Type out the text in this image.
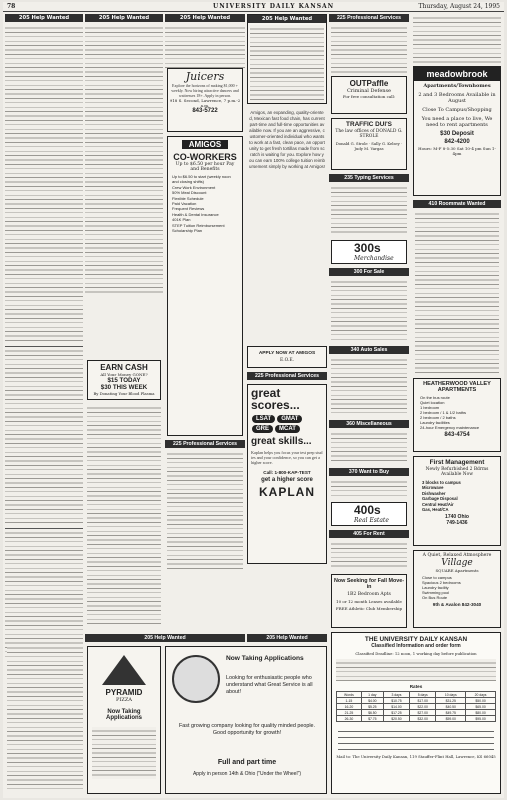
78	UNIVERSITY DAILY KANSAN	Thursday, August 24, 1995
205 Help Wanted	205 Help Wanted
EARN CASH
All Your Money GONE?
$15 TODAY
$30 THIS WEEK
By Donating Your Blood Plasma
205 Help Wanted
Juicers
Explore the horizons of making $1,000 + weekly. Now hiring attractive dancers and waitresses 18+. Apply in person.
918 S. Second, Lawrence, 7 p.m.-2 a.m.
843-5722
AMIGOS
CO-WORKERS
Up to $6.50 per hour Pay and Benefits
Up to $6.50 to start (weekly noon and closing shifts)
Crew Work Environment
50% Meal Discount
Flexible Schedule
Paid Vacation
Frequent Reviews
Health & Dental Insurance
401K Plan
STEP Tuition Reimbursement Scholarship Plan
225 Professional Services
205 Help Wanted
Amigos, an expanding, quality-oriented, Mexican fast food chain, has current part-time and full-time opportunities available now. If you are an aggressive, customer-oriented individual who wants to work at a fast, clean pace, an opportunity to get fresh tortillas made from scratch is waiting for you. Explore how you can earn 100% college tuition reimbursement simply by working at Amigos!
APPLY NOW AT AMIGOS
E.O.E.
225 Professional Services
great scores...
LSAT	GMAT
GRE	MCAT
great skills...
Kaplan helps you focus your test prep studies and your confidence, so you can get a higher score.
Call: 1-800-KAP-TEST
get a higher score
KAPLAN
225 Professional Services
OUTPaffle
Criminal Defense
For free consultation call:
TRAFFIC DUI'S
The law offices of DONALD G. STROLE
Donald G. Strole · Sally G. Kelsey · Judy M. Vargas
235 Typing Services
300s
Merchandise
300 For Sale
340 Auto Sales
360 Miscellaneous
370 Want to Buy
400s
Real Estate
405 For Rent
Now Seeking for Fall Move-in
1B2 Bedroom Apts
10 or 12 month Leases available
FREE Athletic Club Membership
meadowbrook
Apartments/Townhomes
2 and 3 Bedrooms Available in August
Close To Campus/Shopping
You need a place to live, We need to rent apartments
$30 Deposit
842-4200
Hours: M-F 8-5:30 Sat 10-4 pm Sun 1-4pm
410 Roommate Wanted
HEATHERWOOD VALLEY APARTMENTS
On the bus route
Quiet location
1 bedroom
2 bedroom / 1 & 1/2 baths
2 bedroom / 2 baths
Laundry facilities
24-hour Emergency maintenance
843-4754
First Management
Newly Refurbished 2 Bdrms Available Now
3 blocks to campus
Microwave
Dishwasher
Garbage Disposal
Central Heat/Air
Gas, Heat/CA
1740 Ohio
749-1436
A Quiet, Relaxed Atmosphere
Village
SQUARE Apartments
Close to campus
Spacious 2 bedrooms
Laundry facility
Swimming pool
On Bus Route
9th & Avalon 842-3040
205 Help Wanted	205 Help Wanted
PYRAMID
PIZZA
Now Taking Applications
Now Taking Applications
Looking for enthusiastic people who understand what Great Service is all about!
Fast growing company looking for quality minded people. Good opportunity for growth!
Full and part time
Apply in person 14th & Ohio ("Under the Wheel")
THE UNIVERSITY DAILY KANSAN
Classified Information and order form
Classified Deadline: 12 noon, 1 working day before publication
Rates
Words	1 day	3 days	5 days	10 days	20 days
1-15	$4.00	$10.75	$17.00	$31.25	$50.00
16-20	$5.25	$14.00	$22.00	$40.50	$65.00
21-25	$6.50	$17.25	$27.00	$49.75	$80.00
26-30	$7.75	$20.50	$32.00	$59.00	$95.00
Mail to: The University Daily Kansan, 119 Stauffer-Flint Hall, Lawrence, KS 66045
